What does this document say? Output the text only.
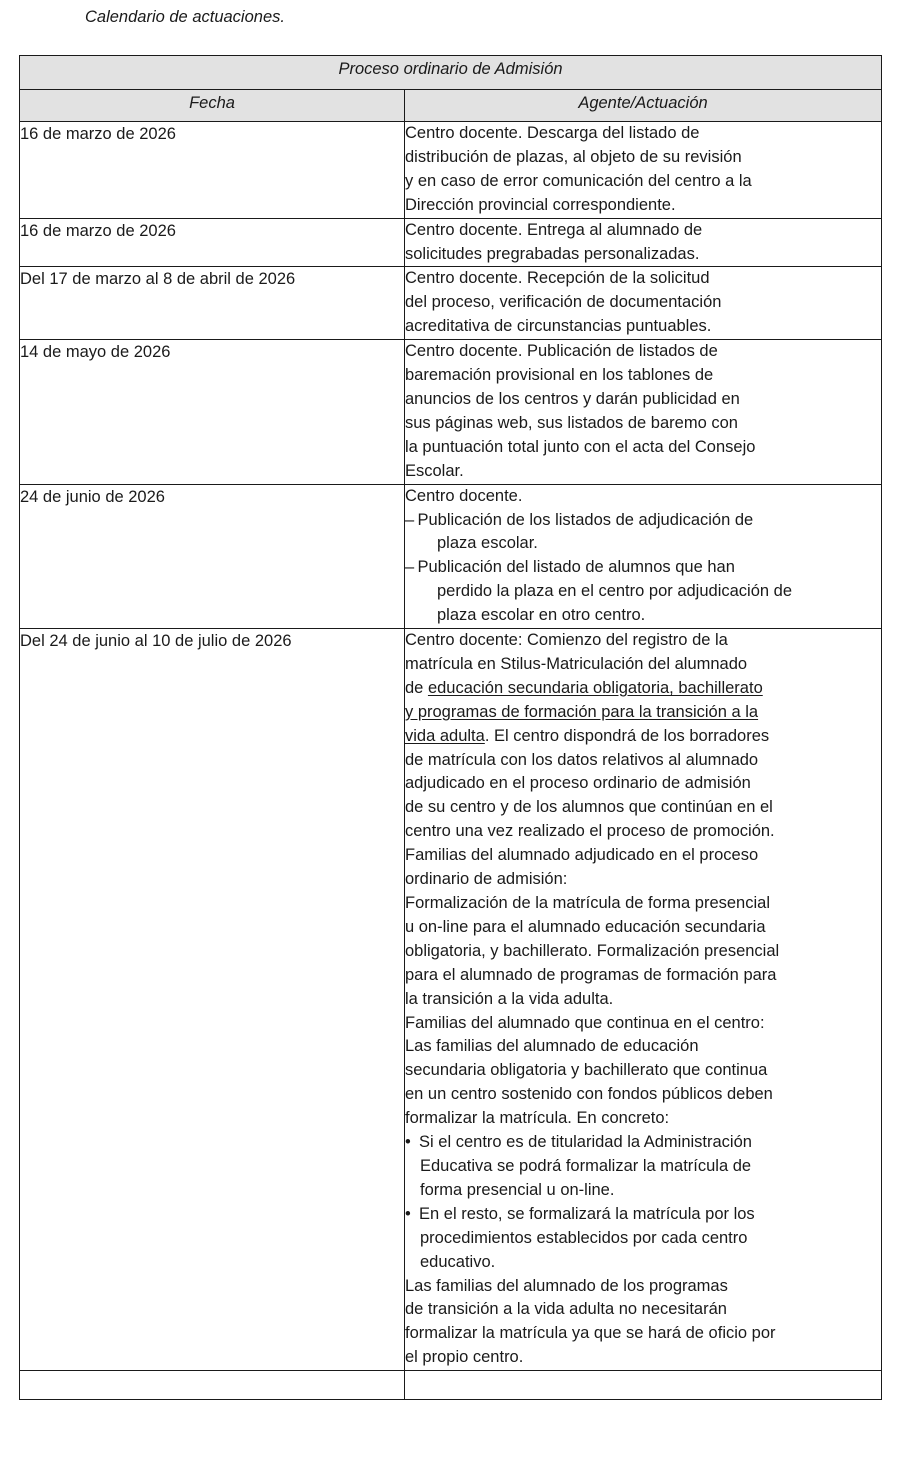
Calendario de actuaciones.
Proceso ordinario de Admisión	
Fecha	Agente/Actuación
16 de marzo de 2026	Centro docente. Descarga del listado de
distribución de plazas, al objeto de su revisión
y en caso de error comunicación del centro a la
Dirección provincial correspondiente.

16 de marzo de 2026	Centro docente. Entrega al alumnado de
solicitudes pregrabadas personalizadas.

Del 17 de marzo al 8 de abril de 2026	Centro docente. Recepción de la solicitud
del proceso, verificación de documentación
acreditativa de circunstancias puntuables.

14 de mayo de 2026	Centro docente. Publicación de listados de
baremación provisional en los tablones de
anuncios de los centros y darán publicidad en
sus páginas web, sus listados de baremo con
la puntuación total junto con el acta del Consejo
Escolar.

24 de junio de 2026	Centro docente.
– Publicación de los listados de adjudicación de
plaza escolar.
– Publicación del listado de alumnos que han
perdido la plaza en el centro por adjudicación de
plaza escolar en otro centro.

Del 24 de junio al 10 de julio de 2026	Centro docente: Comienzo del registro de la
matrícula en Stilus-Matriculación del alumnado
de educación secundaria obligatoria, bachillerato
y programas de formación para la transición a la
vida adulta. El centro dispondrá de los borradores
de matrícula con los datos relativos al alumnado
adjudicado en el proceso ordinario de admisión
de su centro y de los alumnos que continúan en el
centro una vez realizado el proceso de promoción.
Familias del alumnado adjudicado en el proceso
ordinario de admisión:
Formalización de la matrícula de forma presencial
u on-line para el alumnado educación secundaria
obligatoria, y bachillerato. Formalización presencial
para el alumnado de programas de formación para
la transición a la vida adulta.
Familias del alumnado que continua en el centro:
Las familias del alumnado de educación
secundaria obligatoria y bachillerato que continua
en un centro sostenido con fondos públicos deben
formalizar la matrícula. En concreto:
• Si el centro es de titularidad la Administración
Educativa se podrá formalizar la matrícula de
forma presencial u on-line.
• En el resto, se formalizará la matrícula por los
procedimientos establecidos por cada centro
educativo.
Las familias del alumnado de los programas
de transición a la vida adulta no necesitarán
formalizar la matrícula ya que se hará de oficio por
el propio centro.
